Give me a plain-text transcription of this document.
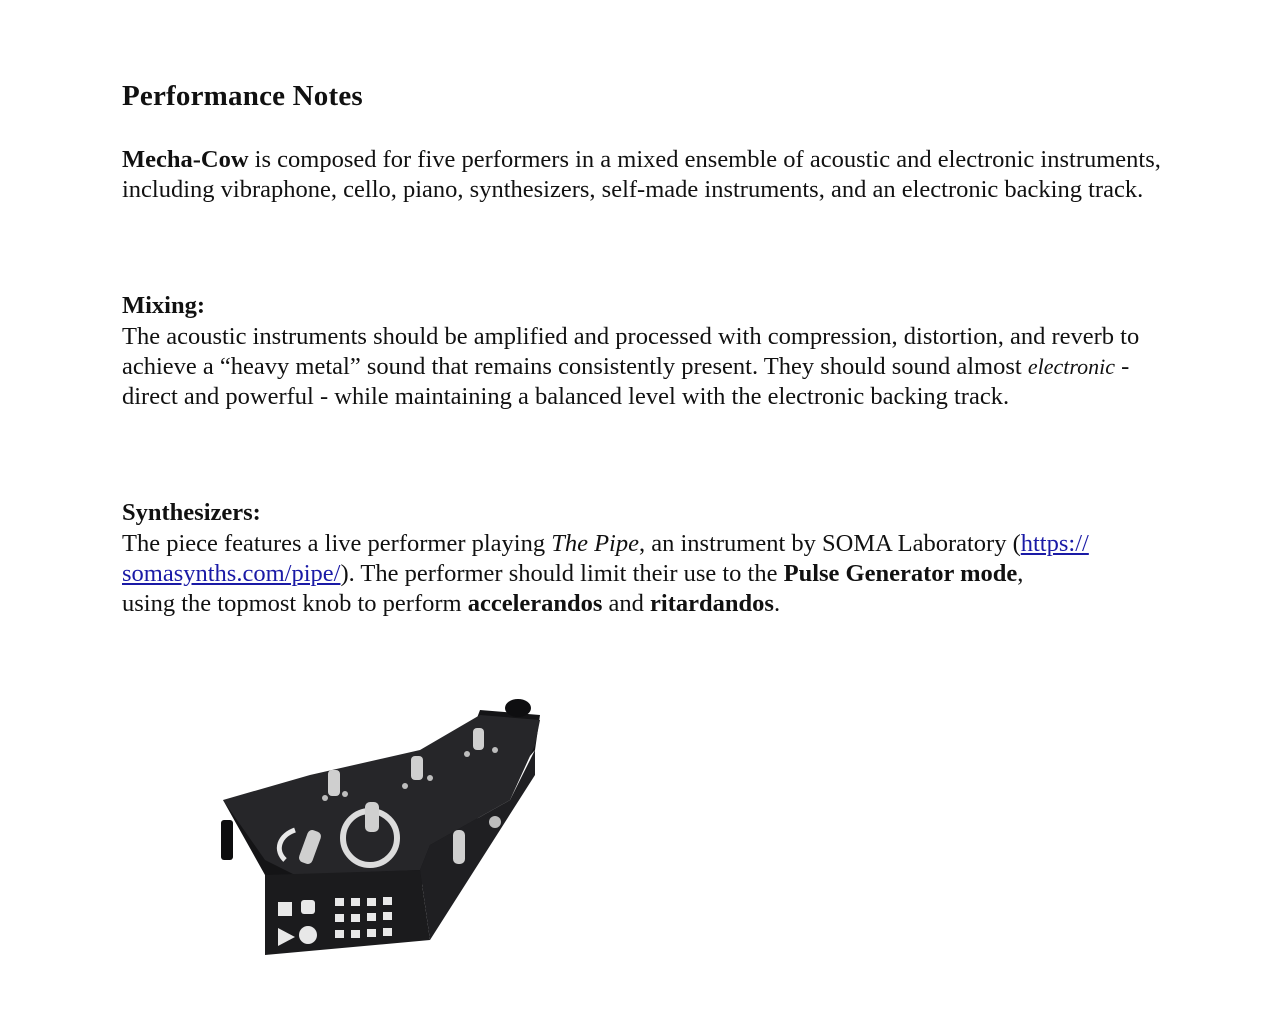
Performance Notes

Mecha-Cow is composed for five performers in a mixed ensemble of acoustic and electronic instruments, including vibraphone, cello, piano, synthesizers, self-made instruments, and an electronic backing track.

Mixing:

The acoustic instruments should be amplified and processed with compression, distortion, and reverb to achieve a “heavy metal” sound that remains consistently present. They should sound almost electronic - direct and powerful - while maintaining a balanced level with the electronic backing track.

Synthesizers:

The piece features a live performer playing The Pipe, an instrument by SOMA Laboratory (https://
somasynths.com/pipe/). The performer should limit their use to the Pulse Generator mode,
using the topmost knob to perform accelerandos and ritardandos.
